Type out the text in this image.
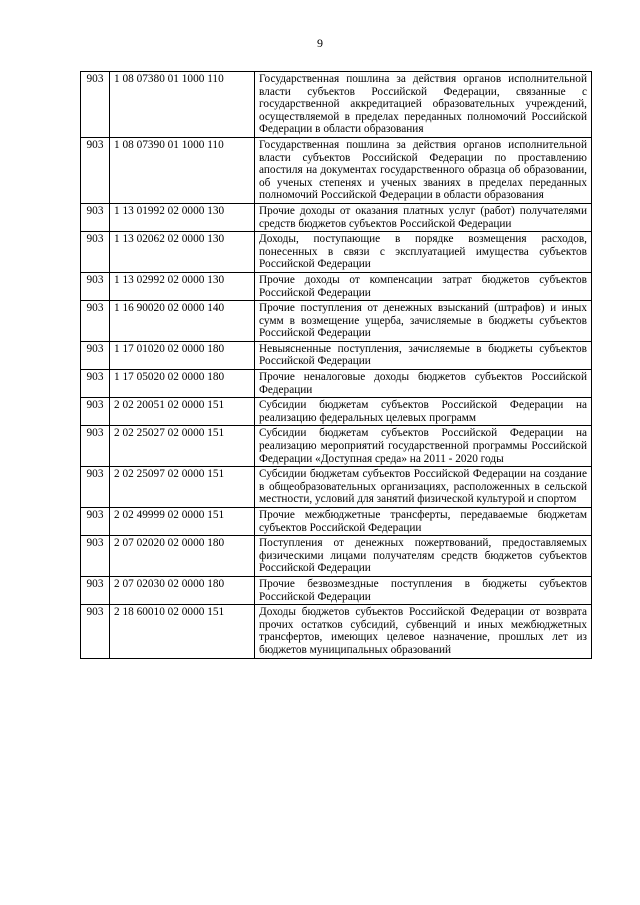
9
903	1 08 07380 01 1000 110	Государственная пошлина за действия органов исполнительной власти субъектов Российской Федерации, связанные с государственной аккредитацией образовательных учреждений, осуществляемой в пределах переданных полномочий Российской Федерации в области образования
903	1 08 07390 01 1000 110	Государственная пошлина за действия органов исполнительной власти субъектов Российской Федерации по проставлению апостиля на документах государственного образца об образовании, об ученых степенях и ученых званиях в пределах переданных полномочий Российской Федерации в области образования
903	1 13 01992 02 0000 130	Прочие доходы от оказания платных услуг (работ) получателями средств бюджетов субъектов Российской Федерации
903	1 13 02062 02 0000 130	Доходы, поступающие в порядке возмещения расходов, понесенных в связи с эксплуатацией имущества субъектов Российской Федерации
903	1 13 02992 02 0000 130	Прочие доходы от компенсации затрат бюджетов субъектов Российской Федерации
903	1 16 90020 02 0000 140	Прочие поступления от денежных взысканий (штрафов) и иных сумм в возмещение ущерба, зачисляемые в бюджеты субъектов Российской Федерации
903	1 17 01020 02 0000 180	Невыясненные поступления, зачисляемые в бюджеты субъектов Российской Федерации
903	1 17 05020 02 0000 180	Прочие неналоговые доходы бюджетов субъектов Российской Федерации
903	2 02 20051 02 0000 151	Субсидии бюджетам субъектов Российской Федерации на реализацию федеральных целевых программ
903	2 02 25027 02 0000 151	Субсидии бюджетам субъектов Российской Федерации на реализацию мероприятий государственной программы Российской Федерации «Доступная среда» на 2011 - 2020 годы
903	2 02 25097 02 0000 151	Субсидии бюджетам субъектов Российской Федерации на создание в общеобразовательных организациях, расположенных в сельской местности, условий для занятий физической культурой и спортом
903	2 02 49999 02 0000 151	Прочие межбюджетные трансферты, передаваемые бюджетам субъектов Российской Федерации
903	2 07 02020 02 0000 180	Поступления от денежных пожертвований, предоставляемых физическими лицами получателям средств бюджетов субъектов Российской Федерации
903	2 07 02030 02 0000 180	Прочие безвозмездные поступления в бюджеты субъектов Российской Федерации
903	2 18 60010 02 0000 151	Доходы бюджетов субъектов Российской Федерации от возврата прочих остатков субсидий, субвенций и иных межбюджетных трансфертов, имеющих целевое назначение, прошлых лет из бюджетов муниципальных образований
